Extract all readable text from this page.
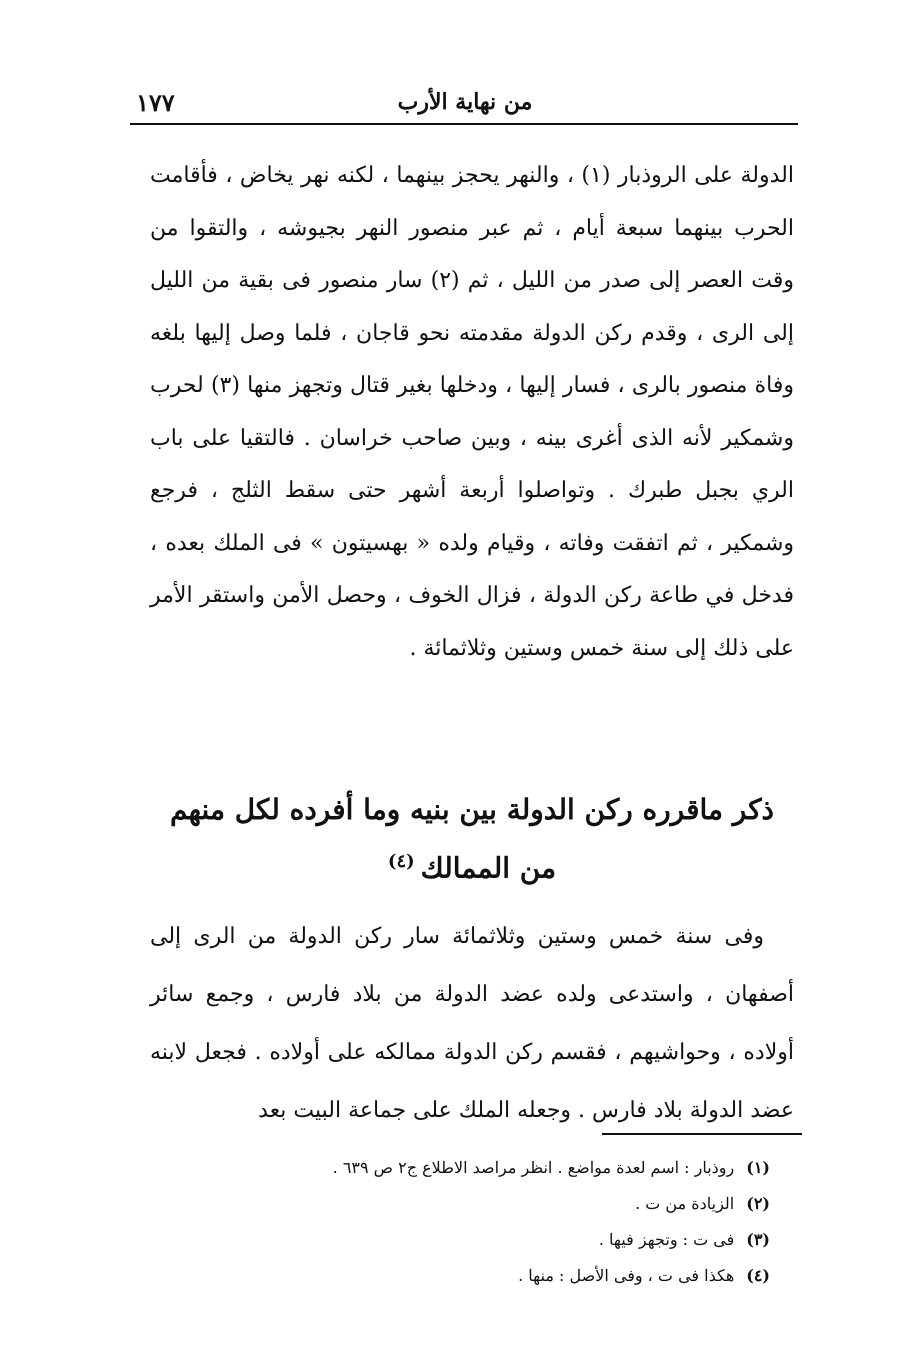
من نهاية الأرب
١٧٧

الدولة على الروذبار (١) ، والنهر يحجز بينهما ، لكنه نهر يخاض ، فأقامت الحرب بينهما سبعة أيام ، ثم عبر منصور النهر بجيوشه ، والتقوا من وقت العصر إلى صدر من الليل ، ثم (٢) سار منصور فى بقية من الليل إلى الرى ، وقدم ركن الدولة مقدمته نحو قاجان ، فلما وصل إليها بلغه وفاة منصور بالرى ، فسار إليها ، ودخلها بغير قتال وتجهز منها (٣) لحرب وشمكير لأنه الذى أغرى بينه ، وبين صاحب خراسان . فالتقيا على باب الري بجبل طبرك . وتواصلوا أربعة أشهر حتى سقط الثلج ، فرجع وشمكير ، ثم اتفقت وفاته ، وقيام ولده « بهسيتون » فى الملك بعده ، فدخل في طاعة ركن الدولة ، فزال الخوف ، وحصل الأمن واستقر الأمر على ذلك إلى سنة خمس وستين وثلاثمائة .

ذكر ماقرره ركن الدولة بين بنيه وما أفرده لكل منهم من الممالك$^{(٤)}$

وفى سنة خمس وستين وثلاثمائة سار ركن الدولة من الرى إلى أصفهان ، واستدعى ولده عضد الدولة من بلاد فارس ، وجمع سائر أولاده ، وحواشيهم ، فقسم ركن الدولة ممالكه على أولاده . فجعل لابنه عضد الدولة بلاد فارس . وجعله الملك على جماعة البيت بعد

(١)روذبار : اسم لعدة مواضع . انظر مراصد الاطلاع ج٢ ص ٦٣٩ .
(٢)الزيادة من ت .
(٣)فى ت : وتجهز فيها .
(٤)هكذا فى ت ، وفى الأصل : منها .
